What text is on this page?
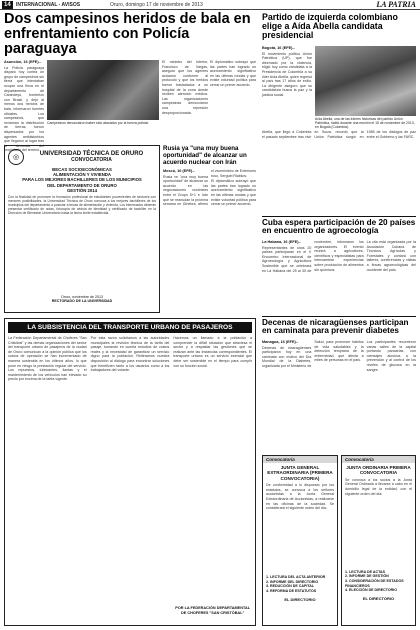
14	INTERNACIONAL - AVISOS	Oruro, domingo 17 de noviembre de 2013	LA PATRIA
Dos campesinos heridos de bala en enfrentamiento con Policía paraguaya

Asunción, 16 (EFE).-

La Policía paraguaya disparó hoy contra un grupo de campesinos sin tierra que intentaban ocupar una finca en el departamento de Canindeyú, fronterizo con Brasil, y dejó al menos dos heridos de bala, informaron fuentes oficiales. Los campesinos, que reclaman la distribución de tierras, fueron dispersados por los agentes antidisturbios que llegaron al lugar tras la denuncia del propietario del terreno.

Campesinos denunciaron haber sido atacados por la fuerza policial.
El ministro del Interior, Francisco de Vargas, aseguró que los agentes actuaron conforme al protocolo y que los heridos fueron trasladados a un hospital de la zona donde reciben atención médica. Las organizaciones campesinas denunciaron una represión desproporcionada.
El diplomático subrayó que las partes han logrado un acercamiento significativo en las últimas rondas y que existe voluntad política para cerrar un primer acuerdo.
◎	UNIVERSIDAD TÉCNICA DE ORURO
CONVOCATORIA
BECAS SOCIOECONÓMICAS
ALIMENTACIÓN Y VIVIENDA
PARA LOS MEJORES BACHILLERES DE LOS MUNICIPIOS
DEL DEPARTAMENTO DE ORURO
GESTIÓN 2014
Con la finalidad de promover la formación profesional de estudiantes provenientes de sectores con menores posibilidades, la Universidad Técnica de Oruro convoca a los mejores bachilleres de los municipios del departamento a postular a becas de alimentación y vivienda. Los interesados deberán presentar certificado de notas, fotocopia de cédula de identidad y certificado de bachiller en la Dirección de Bienestar Universitario hasta la fecha límite establecida.
Oruro, noviembre de 2013
RECTORADO DE LA UNIVERSIDAD
Rusia ya "una muy buena oportunidad" de alcanzar un acuerdo nuclear con Irán

Moscú, 16 (EFE).-

Rusia ve "una muy buena oportunidad" de alcanzar un acuerdo en las negociaciones nucleares entre el Grupo 5+1 e Irán que se reanudan la próxima semana en Ginebra, afirmó el viceministro de Exteriores ruso, Serguéi Riabkov.

El diplomático subrayó que las partes han logrado un acercamiento significativo en las últimas rondas y que existe voluntad política para cerrar un primer acuerdo.

Partido de izquierda colombiano elige a Aída Abella candidata presidencial

Bogotá, 16 (EFE).-

El movimiento político Unión Patriótica (UP), que fue diezmado por la violencia, eligió hoy como candidata a la Presidencia de Colombia a su líder Aída Abella, quien regresó al país tras 17 años de exilio. La dirigente aseguró que su candidatura busca la paz y la justicia social.

Aída Abella, una de las líderes históricas del partido Unión Patriótica, habló durante una reunión el 15 de noviembre de 2013, en Bogotá (Colombia).
Abella, que llegó a Colombia el pasado septiembre tras vivir en Suiza, recordó que la Unión Patriótica surgió en 1985 de los diálogos de paz entre el Gobierno y las FARC.
Cuba espera participación de 20 países en encuentro de agroecología

La Habana, 16 (EFE).-

Representantes de unos 20 países participarán en el V Encuentro Internacional de Agroecología y Agricultura Sostenible que se celebrará en La Habana del 25 al 30 de noviembre, informaron los organizadores. El evento reunirá a agricultores, científicos y especialistas para intercambiar experiencias sobre producción de alimentos sin químicos.

La cita está organizada por la Asociación Cubana de Técnicos Agrícolas y Forestales y contará con talleres, conferencias y visitas a fincas agroecológicas del occidente del país.

LA SUBSISTENCIA DEL TRANSPORTE URBANO DE PASAJEROS
La Federación Departamental de Choferes "San Cristóbal" y las demás organizaciones del sector del transporte urbano de pasajeros de la ciudad de Oruro comunican a la opinión pública que los costos de operación se han incrementado de manera sostenida en los últimos años, lo que pone en riesgo la prestación regular del servicio. Los repuestos, lubricantes, llantas y el mantenimiento de los vehículos han elevado su precio por encima de la tarifa vigente.
Por esta razón solicitamos a las autoridades municipales la revisión técnica de la tarifa del pasaje, tomando en cuenta estudios de costos reales y la necesidad de garantizar un servicio digno para la población. Reiteramos nuestra disposición al diálogo para encontrar soluciones que beneficien tanto a los usuarios como a los trabajadores del volante.
Hacemos un llamado a la población a comprender la difícil situación que atraviesa el sector y a respaldar las gestiones que se realizan ante las instancias correspondientes. El transporte urbano es un servicio esencial que debe ser sostenible en el tiempo para cumplir con su función social.
POR LA FEDERACIÓN DEPARTAMENTAL DE CHOFERES "SAN CRISTÓBAL"
Decenas de nicaragüenses participan en caminata para prevenir diabetes

Managua, 16 (EFE).-

Decenas de nicaragüenses participaron hoy en una caminata con motivo del Día Mundial de la Diabetes, organizada por el Ministerio de Salud, para promover hábitos de vida saludables y la detección temprana de la enfermedad, que afecta a miles de personas en el país.

Los participantes recorrieron varias calles de la capital portando pancartas con mensajes alusivos a la prevención y al control de los niveles de glucosa en la sangre.

Convocatoria
JUNTA GENERAL EXTRAORDINARIA (PRIMERA CONVOCATORIA)
De conformidad a lo dispuesto por los estatutos, se convoca a los señores accionistas a la Junta General Extraordinaria de Accionistas, a realizarse en las oficinas de la sociedad. Se considerará el siguiente orden del día:
1. LECTURA DEL ACTA ANTERIOR
2. INFORME DEL DIRECTORIO
3. REDUCCIÓN DE CAPITAL
4. REFORMA DE ESTATUTOS
EL DIRECTORIO
Convocatoria
JUNTA ORDINARIA PRIMERA CONVOCATORIA
Se convoca a los socios a la Junta General Ordinaria a llevarse a cabo en el domicilio legal de la entidad, con el siguiente orden del día:
1. LECTURA DE ACTAS
2. INFORME DE GESTIÓN
3. CONSIDERACIÓN DE ESTADOS FINANCIEROS
4. ELECCIÓN DE DIRECTORIO
EL DIRECTORIO
